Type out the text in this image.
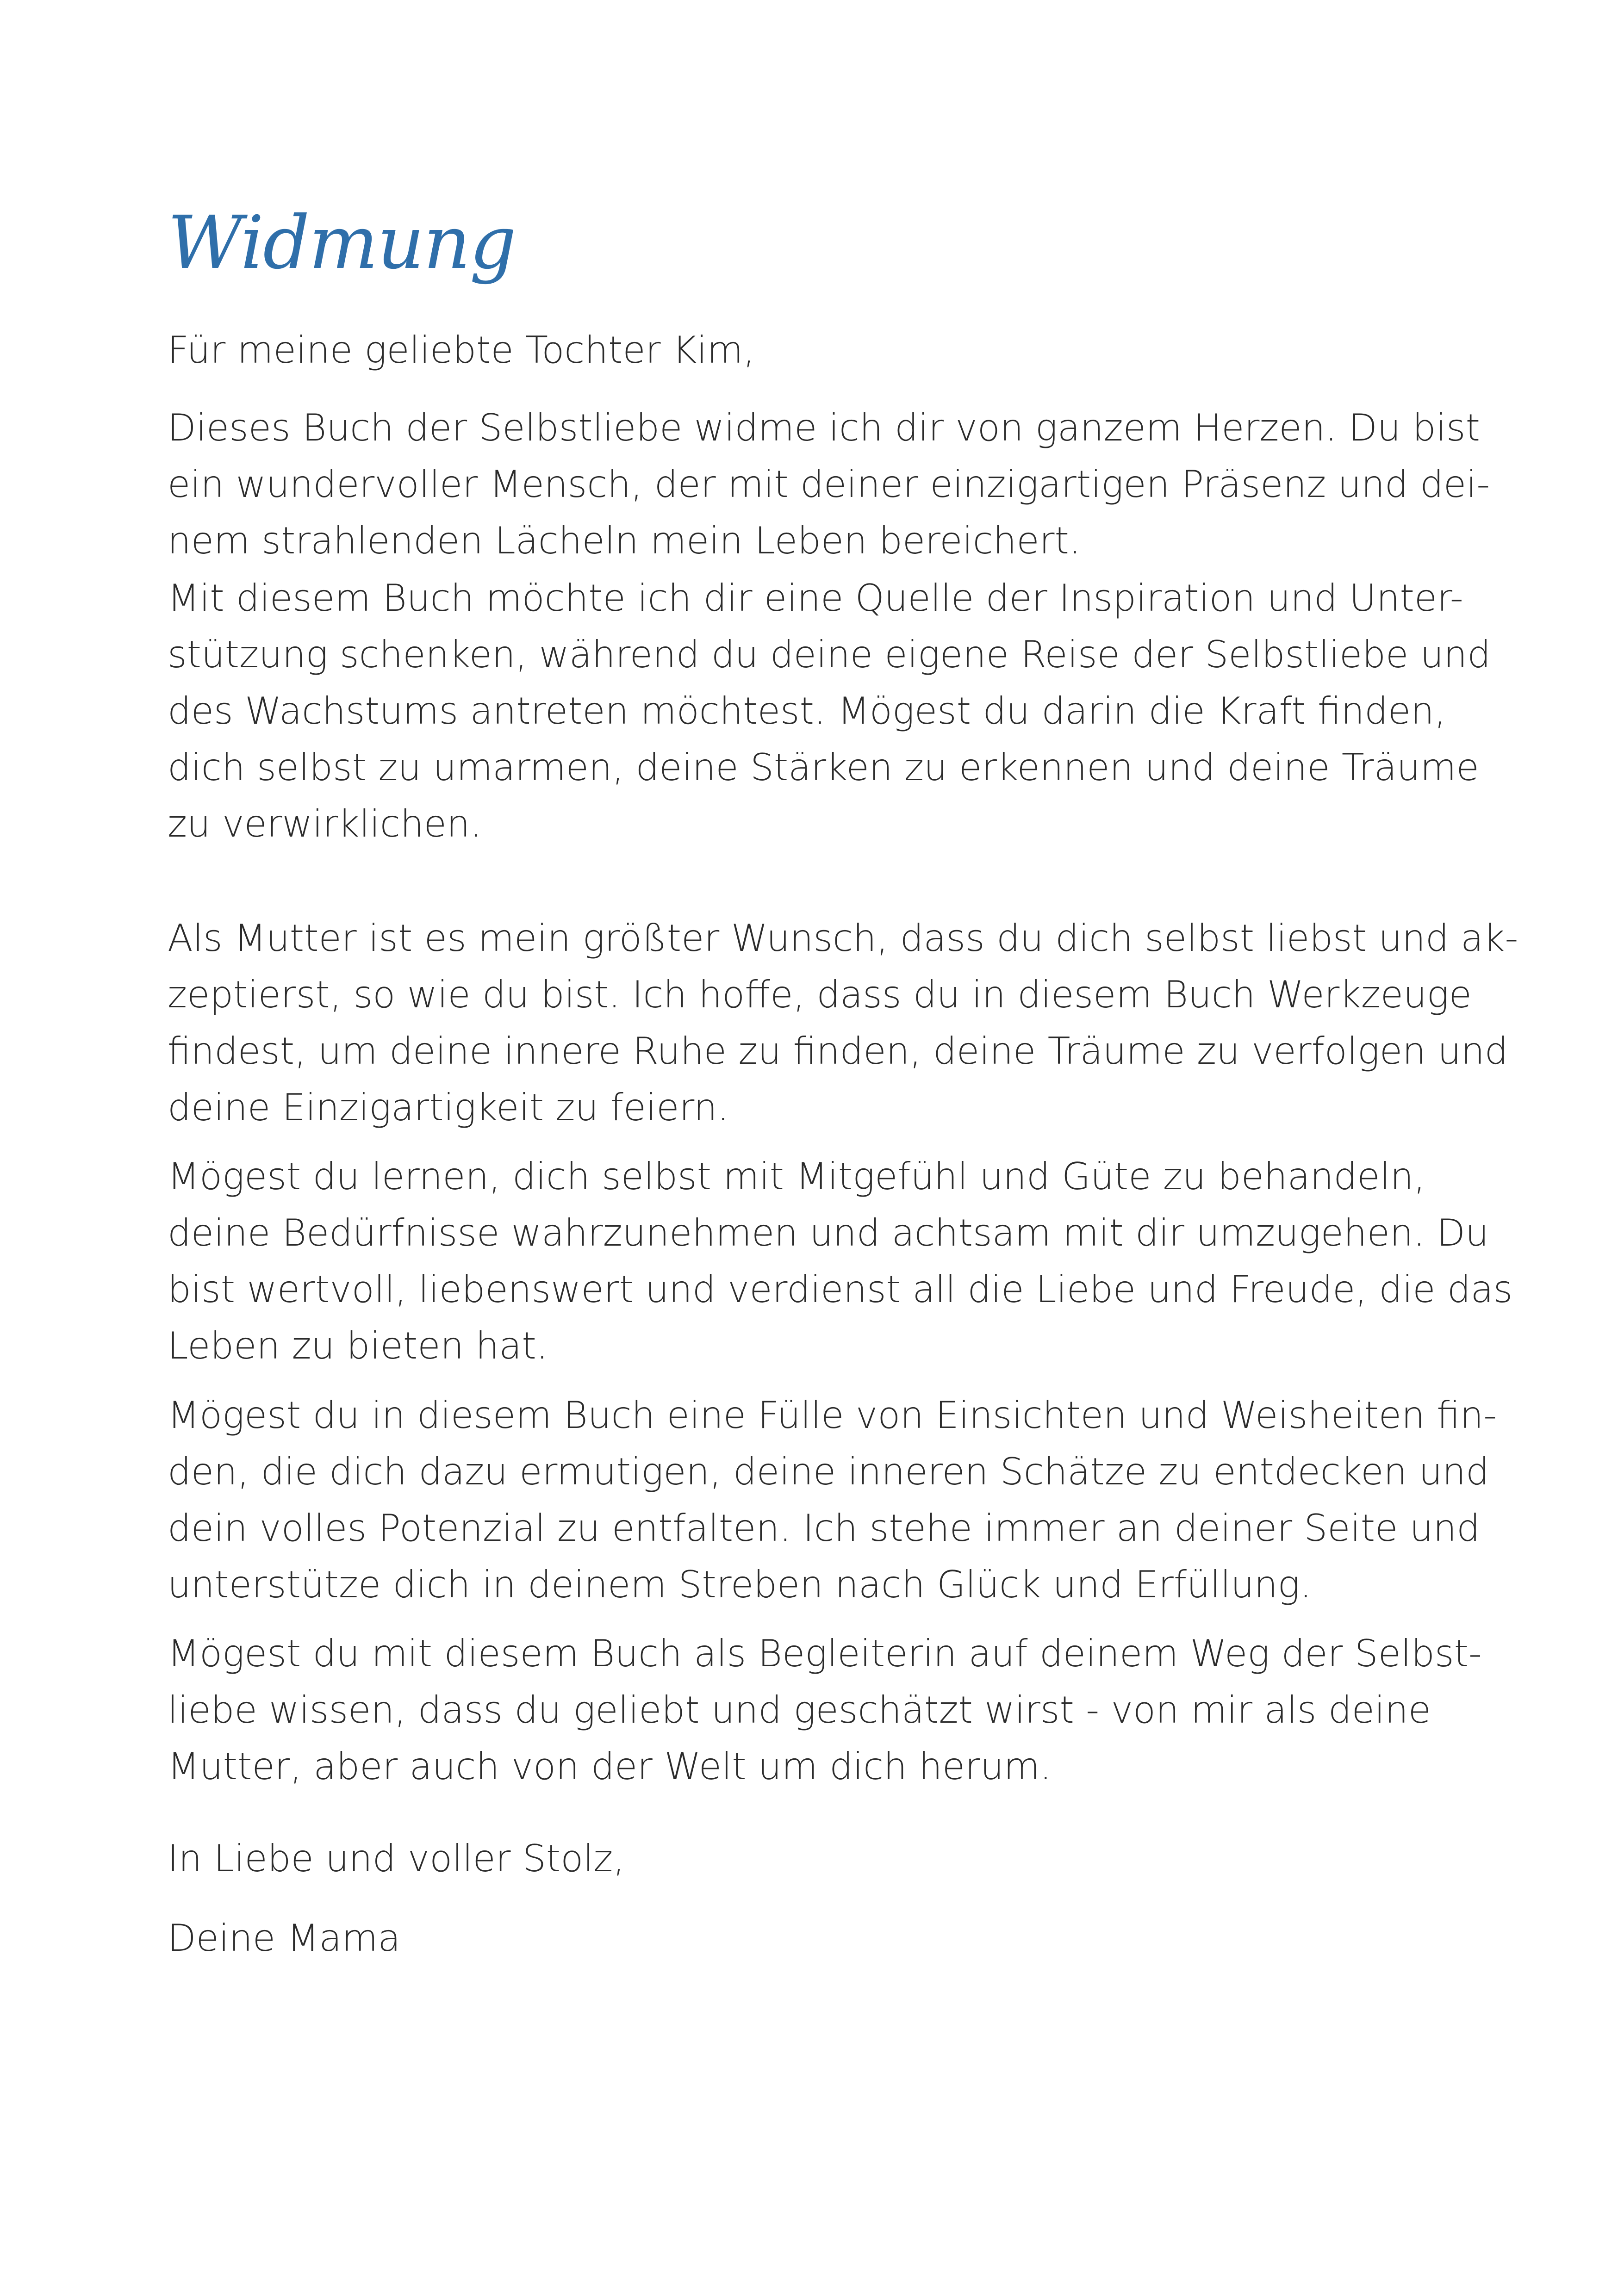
Widmung

Für meine geliebte Tochter Kim,

Dieses Buch der Selbstliebe widme ich dir von ganzem Herzen. Du bist
ein wundervoller Mensch, der mit deiner einzigartigen Präsenz und dei-
nem strahlenden Lächeln mein Leben bereichert.

Mit diesem Buch möchte ich dir eine Quelle der Inspiration und Unter-
stützung schenken, während du deine eigene Reise der Selbstliebe und
des Wachstums antreten möchtest. Mögest du darin die Kraft finden,
dich selbst zu umarmen, deine Stärken zu erkennen und deine Träume
zu verwirklichen.

Als Mutter ist es mein größter Wunsch, dass du dich selbst liebst und ak-
zeptierst, so wie du bist. Ich hoffe, dass du in diesem Buch Werkzeuge
findest, um deine innere Ruhe zu finden, deine Träume zu verfolgen und
deine Einzigartigkeit zu feiern.

Mögest du lernen, dich selbst mit Mitgefühl und Güte zu behandeln,
deine Bedürfnisse wahrzunehmen und achtsam mit dir umzugehen. Du
bist wertvoll, liebenswert und verdienst all die Liebe und Freude, die das
Leben zu bieten hat.

Mögest du in diesem Buch eine Fülle von Einsichten und Weisheiten fin-
den, die dich dazu ermutigen, deine inneren Schätze zu entdecken und
dein volles Potenzial zu entfalten. Ich stehe immer an deiner Seite und
unterstütze dich in deinem Streben nach Glück und Erfüllung.

Mögest du mit diesem Buch als Begleiterin auf deinem Weg der Selbst-
liebe wissen, dass du geliebt und geschätzt wirst - von mir als deine
Mutter, aber auch von der Welt um dich herum.

In Liebe und voller Stolz,

Deine Mama
